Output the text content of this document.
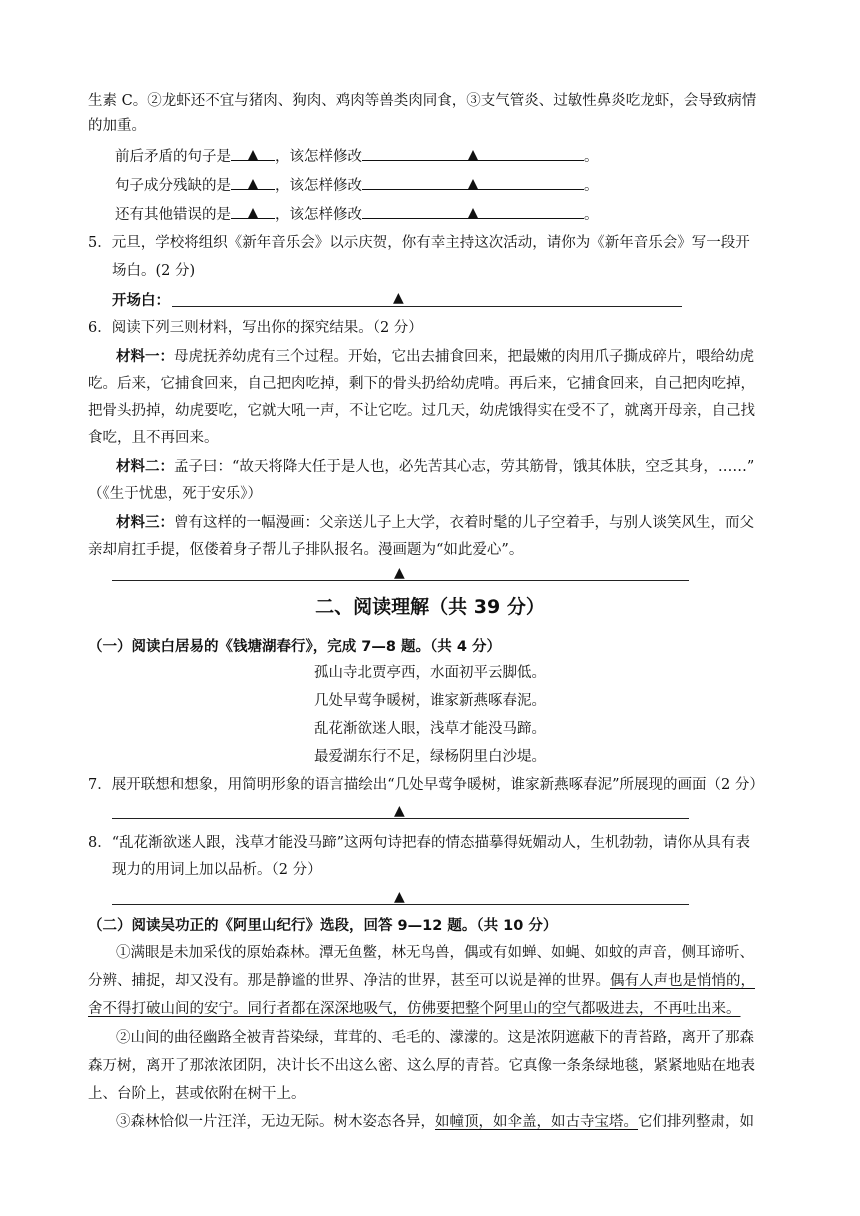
生素 C。②龙虾还不宜与猪肉、狗肉、鸡肉等兽类肉同食，③支气管炎、过敏性鼻炎吃龙虾，会导致病情
的加重。
前后矛盾的句子是 ▲ ，该怎样修改	▲	。
句子成分残缺的是 ▲ ，该怎样修改	▲	。
还有其他错误的是 ▲ ，该怎样修改	▲	。
5．元旦，学校将组织《新年音乐会》以示庆贺，你有幸主持这次活动，请你为《新年音乐会》写一段开
场白。(2 分)
开场白：	▲
6．阅读下列三则材料，写出你的探究结果。（2 分）
材料一：母虎抚养幼虎有三个过程。开始，它出去捕食回来，把最嫩的肉用爪子撕成碎片，喂给幼虎
吃。后来，它捕食回来，自己把肉吃掉，剩下的骨头扔给幼虎啃。再后来，它捕食回来，自己把肉吃掉，
把骨头扔掉，幼虎要吃，它就大吼一声，不让它吃。过几天，幼虎饿得实在受不了，就离开母亲，自己找
食吃，且不再回来。
材料二：孟子曰：“故天将降大任于是人也，必先苦其心志，劳其筋骨，饿其体肤，空乏其身，……”
（《生于忧患，死于安乐》）
材料三：曾有这样的一幅漫画：父亲送儿子上大学，衣着时髦的儿子空着手，与别人谈笑风生，而父
亲却肩扛手提，伛偻着身子帮儿子排队报名。漫画题为“如此爱心”。
▲
二、阅读理解（共 39 分）
（一）阅读白居易的《钱塘湖春行》，完成 7—8 题。（共 4 分）
孤山寺北贾亭西，水面初平云脚低。
几处早莺争暖树，谁家新燕啄春泥。
乱花渐欲迷人眼，浅草才能没马蹄。
最爱湖东行不足，绿杨阴里白沙堤。
7．展开联想和想象，用简明形象的语言描绘出“几处早莺争暖树，谁家新燕啄春泥”所展现的画面（2 分）
▲
8．“乱花渐欲迷人跟，浅草才能没马蹄”这两句诗把春的情态描摹得妩媚动人，生机勃勃，请你从具有表
现力的用词上加以品析。（2 分）
▲
（二）阅读吴功正的《阿里山纪行》选段，回答 9—12 题。（共 10 分）
①满眼是未加采伐的原始森林。潭无鱼鳖，林无鸟兽，偶或有如蝉、如蝇、如蚊的声音，侧耳谛听、
分辨、捕捉，却又没有。那是静谧的世界、净洁的世界，甚至可以说是禅的世界。偶有人声也是悄悄的，
舍不得打破山间的安宁。同行者都在深深地吸气，仿佛要把整个阿里山的空气都吸进去，不再吐出来。
②山间的曲径幽路全被青苔染绿，茸茸的、毛毛的、濛濛的。这是浓阴遮蔽下的青苔路，离开了那森
森万树，离开了那浓浓团阴，决计长不出这么密、这么厚的青苔。它真像一条条绿地毯，紧紧地贴在地表
上、台阶上，甚或依附在树干上。
③森林恰似一片汪洋，无边无际。树木姿态各异，如幢顶，如伞盖，如古寺宝塔。它们排列整肃，如
